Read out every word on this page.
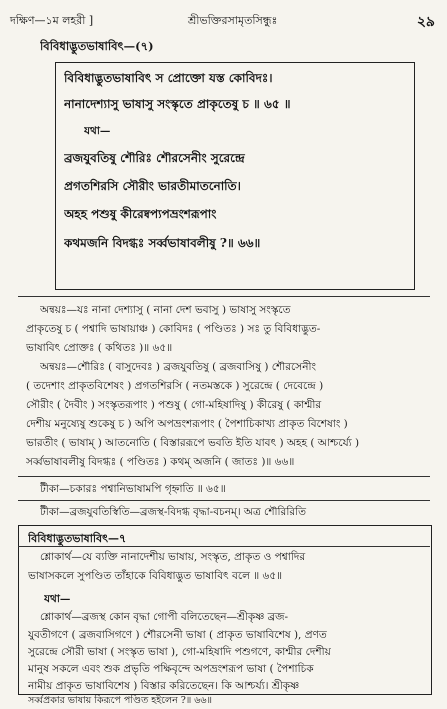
দক্ষিণ—১ম লহরী ]	শ্রীভক্তিরসামৃতসিন্ধুঃ	২৯
বিবিধাদ্ভুতভাষাবিৎ—(৭)
বিবিধাদ্ভুতভাষাবিৎ স প্রোক্তো যস্ত কোবিদঃ।
নানাদেশ্যাসু ভাষাসু সংস্কৃতে প্রাকৃতেষু চ ॥ ৬৫ ॥
যথা—
ব্রজযুবতিষু শৌরিঃ শৌরসেনীং সুরেন্দ্রে
প্রগতশিরসি সৌরীং ভারতীমাতনোতি।
অহহ পশুষু কীরেষ্বপ্যপভ্রংশরূপাং
কথমজনি বিদগ্ধঃ সর্ব্বভাষাবলীষু ?॥ ৬৬॥
অন্বয়ঃ—যঃ নানা দেশ্যাসু ( নানা দেশ ভবাসু ) ভাষাসু সংস্কৃতে
প্রাকৃতেষু চ ( পশ্বাদি ভাষায়াঞ্চ ) কোবিদঃ ( পণ্ডিতঃ ) সঃ তু বিবিধাদ্ভুত-
ভাষাবিৎ প্রোক্তঃ ( কথিতঃ )॥ ৬৫॥
অন্বয়ঃ—শৌরিঃ ( বাসুদেবঃ ) ব্রজযুবতিষু ( ব্রজবাসিষু ) শৌরসেনীং
( তদেশাং প্রাকৃতবিশেষং ) প্রগতশিরসি ( নতমস্তকে ) সুরেন্দ্রে ( দেবেন্দ্রে )
সৌরীং ( দৈবীং ) সংস্কৃতরূপাং ) পশুষু ( গো-মহিষাদিষু ) কীরেষু ( কাশ্মীর
দেশীয় মনুষ্যেষু শুকেষু চ ) অপি অপভ্রংশরূপাং ( পৈশাচিকাখ্য প্রাকৃত বিশেষাং )
ভারতীং ( ভাষাম্ ) আতনোতি ( বিস্তাররূপে ভবতি ইতি যাবৎ ) অহহ ( আশ্চর্য্যে )
সর্ব্বভাষাবলীষু বিদগ্ধঃ ( পণ্ডিতঃ ) কথম্ অজনি ( জাতঃ )॥ ৬৬॥
টীকা—চকারঃ পশ্বানিভাষামপি গৃহ্নাতি ॥ ৬৫॥
টীকা—ব্রজযুবতিস্বিতি—ব্রজস্থ-বিদগ্ধ বৃদ্ধা-বচনম্। অত্র শৌরিরিতি
বিবিধাদ্ভুতভাষাবিৎ—৭
শ্লোকার্থ—যে ব্যক্তি নানাদেশীয় ভাষায়, সংস্কৃত, প্রাকৃত ও পশ্বাদির
ভাষাসকলে সুপণ্ডিত তাঁহাকে বিবিধাদ্ভুত ভাষাবিৎ বলে ॥ ৬৫॥
যথা—
শ্লোকার্থ—ব্রজস্থ কোন বৃদ্ধা গোপী বলিতেছেন—শ্রীকৃষ্ণ ব্রজ-
যুবতীগণে ( ব্রজবাসিগণে ) শৌরসেনী ভাষা ( প্রাকৃত ভাষাবিশেষ ), প্রণত
সুরেন্দ্রে সৌরী ভাষা ( সংস্কৃত ভাষা ), গো-মহিষাদি পশুগণে, কাশ্মীর দেশীয়
মানুষ সকলে এবং শুক প্রভৃতি পক্ষিবৃন্দে অপভ্রংশরূপ ভাষা ( পৈশাচিক
নামীয় প্রাকৃত ভাষাবিশেষ ) বিস্তার করিতেছেন। কি আশ্চর্য্য। শ্রীকৃষ্ণ
সর্ব্বপ্রকার ভাষায় কিরূপে পণ্ডিত হইলেন ?॥ ৬৬॥
